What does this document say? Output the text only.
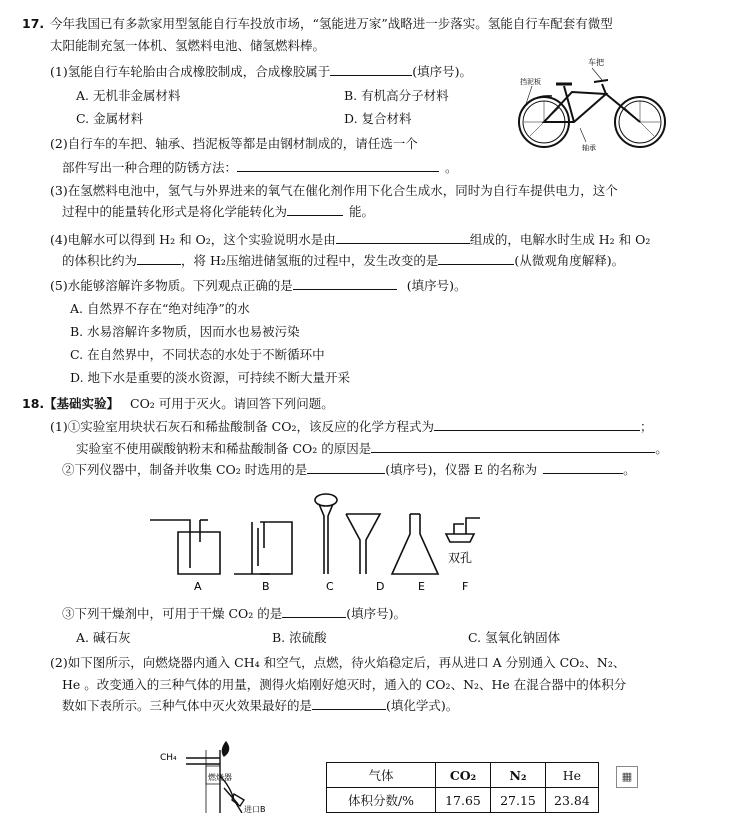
17. 今年我国已有多款家用型氢能自行车投放市场，“氢能进万家”战略进一步落实。氢能自行车配套有微型
太阳能制充氢一体机、氢燃料电池、储氢燃料棒。
(1)氢能自行车轮胎由合成橡胶制成，合成橡胶属于	(填序号)。
A. 无机非金属材料	B. 有机高分子材料
C. 金属材料	D. 复合材料
车把
挡泥板
轴承
(2)自行车的车把、轴承、挡泥板等都是由钢材制成的，请任选一个
部件写出一种合理的防锈方法：	。
(3)在氢燃料电池中，氢气与外界进来的氧气在催化剂作用下化合生成水，同时为自行车提供电力，这个
过程中的能量转化形式是将化学能转化为	能。
(4)电解水可以得到 H₂ 和 O₂，这个实验说明水是由	组成的，电解水时生成 H₂ 和 O₂
的体积比约为	，将 H₂压缩进储氢瓶的过程中，发生改变的是	(从微观角度解释)。
(5)水能够溶解许多物质。下列观点正确的是	(填序号)。
A. 自然界不存在“绝对纯净”的水
B. 水易溶解许多物质，因而水也易被污染
C. 在自然界中，不同状态的水处于不断循环中
D. 地下水是重要的淡水资源，可持续不断大量开采
18. 【基础实验】 CO₂ 可用于灭火。请回答下列问题。
(1)①实验室用块状石灰石和稀盐酸制备 CO₂，该反应的化学方程式为	；
实验室不使用碳酸钠粉末和稀盐酸制备 CO₂ 的原因是	。
②下列仪器中，制备并收集 CO₂ 时选用的是	(填序号)，仪器 E 的名称为	。
A	B	C	D	E	F
双孔
③下列干燥剂中，可用于干燥 CO₂ 的是	(填序号)。
A. 碱石灰	B. 浓硫酸	C. 氢氧化钠固体
(2)如下图所示，向燃烧器内通入 CH₄ 和空气，点燃，待火焰稳定后，再从进口 A 分别通入 CO₂、N₂、
He 。改变通入的三种气体的用量，测得火焰刚好熄灭时，通入的 CO₂、N₂、He 在混合器中的体积分
数如下表所示。三种气体中灭火效果最好的是	(填化学式)。
CH₄
燃烧器
进口B
气体	CO₂	N₂	He
体积分数/%	17.65	27.15	23.84
▦
